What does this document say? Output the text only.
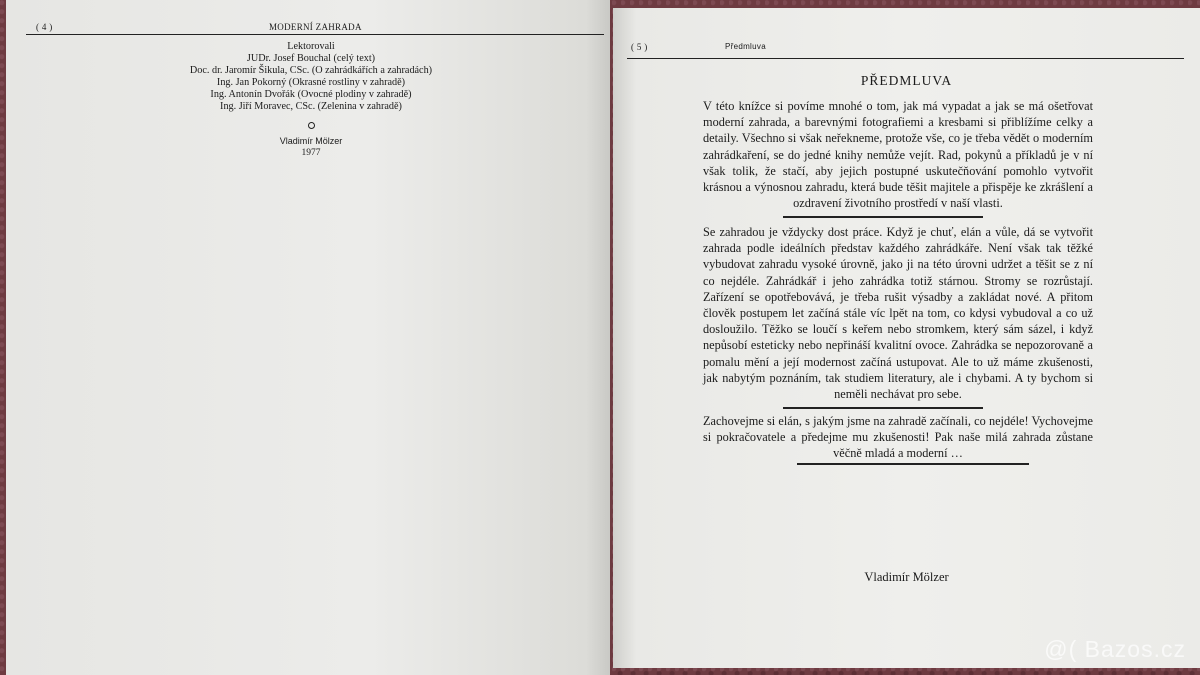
( 4 )	MODERNÍ ZAHRADA
Lektorovali
JUDr. Josef Bouchal (celý text)
Doc. dr. Jaromír Šikula, CSc. (O zahrádkářích a zahradách)
Ing. Jan Pokorný (Okrasné rostliny v zahradě)
Ing. Antonín Dvořák (Ovocné plodiny v zahradě)
Ing. Jiří Moravec, CSc. (Zelenina v zahradě)
Vladimír Mölzer
1977
( 5 )	Předmluva
PŘEDMLUVA
V této knížce si povíme mnohé o tom, jak má vypadat a jak se má ošetřovat moderní zahrada, a barevnými fotografiemi a kresbami si přiblížíme celky a detaily. Všechno si však neřekneme, protože vše, co je třeba vědět o moderním zahrádkaření, se do jedné knihy nemůže vejít. Rad, pokynů a příkladů je v ní však tolik, že stačí, aby jejich postupné uskutečňování pomohlo vytvořit krásnou a výnosnou zahradu, která bude těšit majitele a přispěje ke zkrášlení a ozdravení životního prostředí v naší vlasti.
Se zahradou je vždycky dost práce. Když je chuť, elán a vůle, dá se vytvořit zahrada podle ideálních představ každého zahrádkáře. Není však tak těžké vybudovat zahradu vysoké úrovně, jako ji na této úrovni udržet a těšit se z ní co nejdéle. Zahrádkář i jeho zahrádka totiž stárnou. Stromy se rozrůstají. Zařízení se opotřebovává, je třeba rušit výsadby a zakládat nové. A přitom člověk postupem let začíná stále víc lpět na tom, co kdysi vybudoval a co už dosloužilo. Těžko se loučí s keřem nebo stromkem, který sám sázel, i když nepůsobí esteticky nebo nepřináší kvalitní ovoce. Zahrádka se nepozorovaně a pomalu mění a její modernost začíná ustupovat. Ale to už máme zkušenosti, jak nabytým poznáním, tak studiem literatury, ale i chybami. A ty bychom si neměli nechávat pro sebe.
Zachovejme si elán, s jakým jsme na zahradě začínali, co nejdéle! Vychovejme si pokračovatele a předejme mu zkušenosti! Pak naše milá zahrada zůstane věčně mladá a moderní …
Vladimír Mölzer
@( Bazos.cz
